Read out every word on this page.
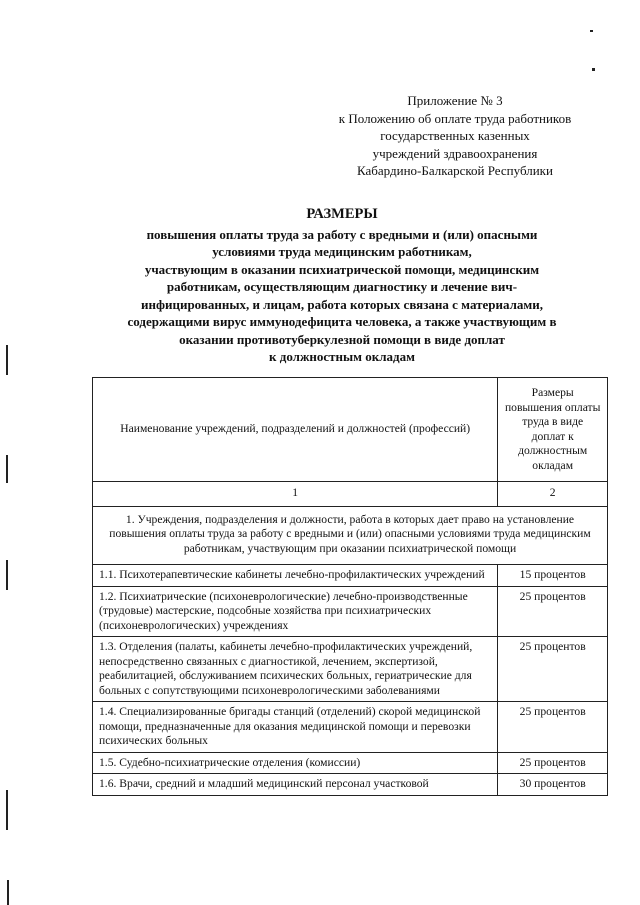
Приложение № 3
к Положению об оплате труда работников
государственных казенных
учреждений здравоохранения
Кабардино-Балкарской Республики
РАЗМЕРЫ
повышения оплаты труда за работу с вредными и (или) опасными
условиями труда медицинским работникам,
участвующим в оказании психиатрической помощи, медицинским
работникам, осуществляющим диагностику и лечение вич-
инфицированных, и лицам, работа которых связана с материалами,
содержащими вирус иммунодефицита человека, а также участвующим в
оказании противотуберкулезной помощи в виде доплат
к должностным окладам
Наименование учреждений, подразделений и должностей (профессий)	Размеры повышения оплаты труда в виде доплат к должностным окладам
1	2
1. Учреждения, подразделения и должности, работа в которых дает право на установление повышения оплаты труда за работу с вредными и (или) опасными условиями труда медицинским работникам, участвующим при оказании психиатрической помощи	
1.1. Психотерапевтические кабинеты лечебно-профилактических учреждений	15 процентов
1.2. Психиатрические (психоневрологические) лечебно-производственные (трудовые) мастерские, подсобные хозяйства при психиатрических (психоневрологических) учреждениях	25 процентов
1.3. Отделения (палаты, кабинеты лечебно-профилактических учреждений, непосредственно связанных с диагностикой, лечением, экспертизой, реабилитацией, обслуживанием психических больных, гериатрические для больных с сопутствующими психоневрологическими заболеваниями	25 процентов
1.4. Специализированные бригады станций (отделений) скорой медицинской помощи, предназначенные для оказания медицинской помощи и перевозки психических больных	25 процентов
1.5. Судебно-психиатрические отделения (комиссии)	25 процентов
1.6. Врачи, средний и младший медицинский персонал участковой	30 процентов
